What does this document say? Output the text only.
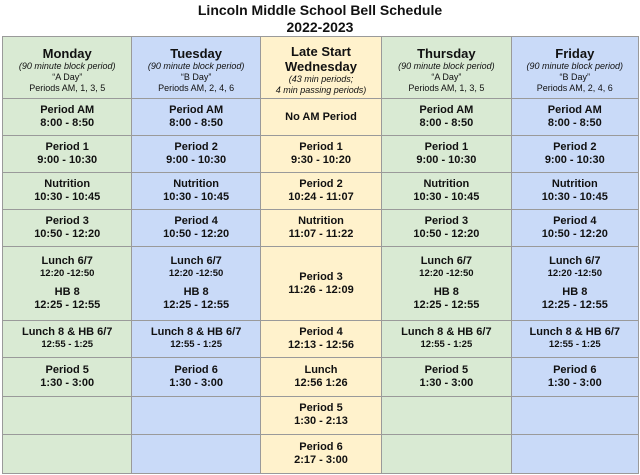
Lincoln Middle School Bell Schedule
2022-2023
Monday
(90 minute block period)
“A Day”
Periods AM, 1, 3, 5	Tuesday
(90 minute block period)
“B Day”
Periods AM, 2, 4, 6	Late Start
Wednesday
(43 min periods;
4 min passing periods)	Thursday
(90 minute block period)
“A Day”
Periods AM, 1, 3, 5	Friday
(90 minute block period)
“B Day”
Periods AM, 2, 4, 6

Period AM
8:00 - 8:50	Period AM
8:00 - 8:50	No AM Period	Period AM
8:00 - 8:50	Period AM
8:00 - 8:50

Period 1
9:00 - 10:30	Period 2
9:00 - 10:30	Period 1
9:30 - 10:20	Period 1
9:00 - 10:30	Period 2
9:00 - 10:30

Nutrition
10:30 - 10:45	Nutrition
10:30 - 10:45	Period 2
10:24 - 11:07	Nutrition
10:30 - 10:45	Nutrition
10:30 - 10:45

Period 3
10:50 - 12:20	Period 4
10:50 - 12:20	Nutrition
11:07 - 11:22	Period 3
10:50 - 12:20	Period 4
10:50 - 12:20

Lunch 6/7
12:20 -12:50
HB 8
12:25 - 12:55	Lunch 6/7
12:20 -12:50
HB 8
12:25 - 12:55	Period 3
11:26 - 12:09	Lunch 6/7
12:20 -12:50
HB 8
12:25 - 12:55	Lunch 6/7
12:20 -12:50
HB 8
12:25 - 12:55

Lunch 8 & HB 6/7
12:55 - 1:25	Lunch 8 & HB 6/7
12:55 - 1:25	Period 4
12:13 - 12:56	Lunch 8 & HB 6/7
12:55 - 1:25	Lunch 8 & HB 6/7
12:55 - 1:25

Period 5
1:30 - 3:00	Period 6
1:30 - 3:00	Lunch
12:56 1:26	Period 5
1:30 - 3:00	Period 6
1:30 - 3:00

		Period 5
1:30 - 2:13		

		Period 6
2:17 - 3:00		
